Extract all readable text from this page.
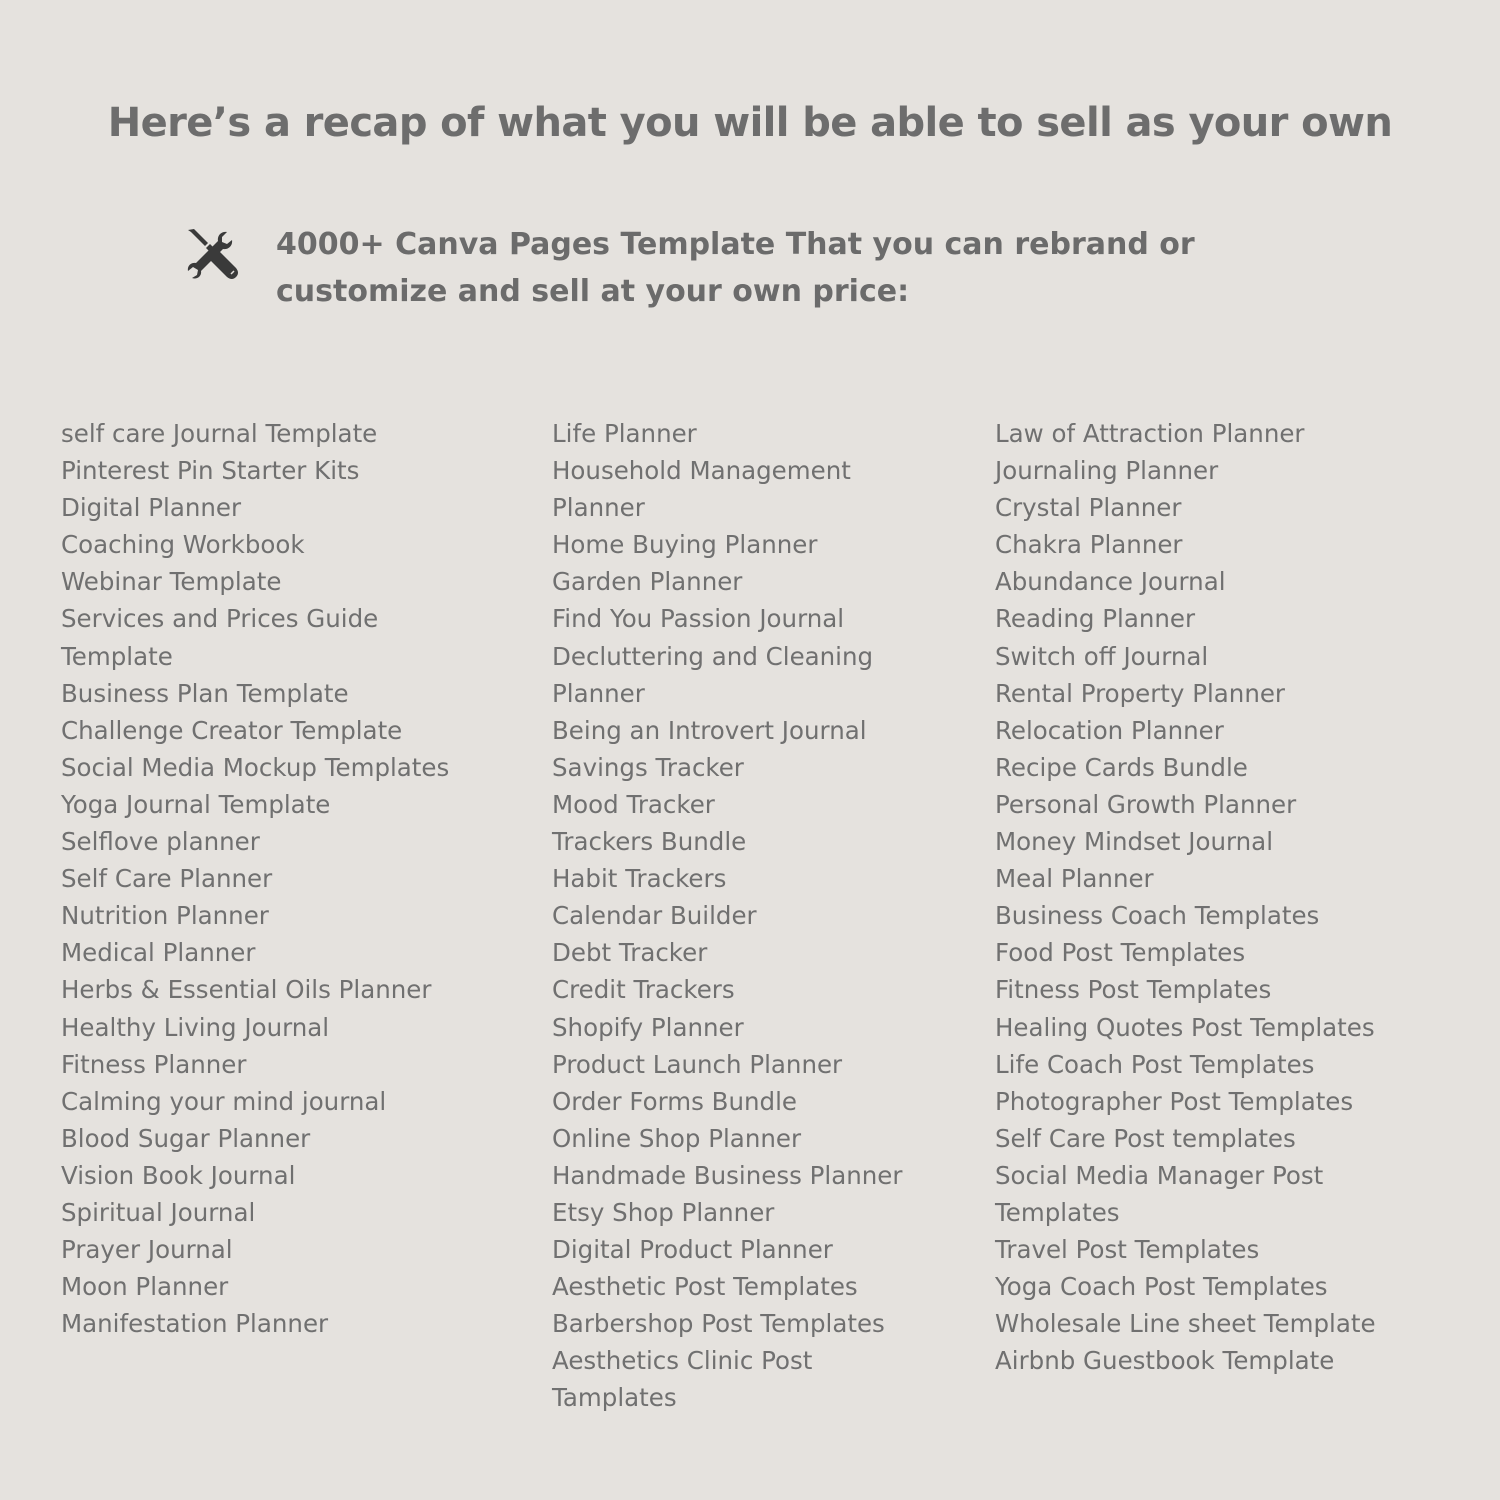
Here’s a recap of what you will be able to sell as your own
4000+ Canva Pages Template That you can rebrand or
customize and sell at your own price:
self care Journal Template
Pinterest Pin Starter Kits
Digital Planner
Coaching Workbook
Webinar Template
Services and Prices Guide
Template
Business Plan Template
Challenge Creator Template
Social Media Mockup Templates
Yoga Journal Template
Selflove planner
Self Care Planner
Nutrition Planner
Medical Planner
Herbs & Essential Oils Planner
Healthy Living Journal
Fitness Planner
Calming your mind journal
Blood Sugar Planner
Vision Book Journal
Spiritual Journal
Prayer Journal
Moon Planner
Manifestation Planner
Life Planner
Household Management
Planner
Home Buying Planner
Garden Planner
Find You Passion Journal
Decluttering and Cleaning
Planner
Being an Introvert Journal
Savings Tracker
Mood Tracker
Trackers Bundle
Habit Trackers
Calendar Builder
Debt Tracker
Credit Trackers
Shopify Planner
Product Launch Planner
Order Forms Bundle
Online Shop Planner
Handmade Business Planner
Etsy Shop Planner
Digital Product Planner
Aesthetic Post Templates
Barbershop Post Templates
Aesthetics Clinic Post
Tamplates
Law of Attraction Planner
Journaling Planner
Crystal Planner
Chakra Planner
Abundance Journal
Reading Planner
Switch off Journal
Rental Property Planner
Relocation Planner
Recipe Cards Bundle
Personal Growth Planner
Money Mindset Journal
Meal Planner
Business Coach Templates
Food Post Templates
Fitness Post Templates
Healing Quotes Post Templates
Life Coach Post Templates
Photographer Post Templates
Self Care Post templates
Social Media Manager Post
Templates
Travel Post Templates
Yoga Coach Post Templates
Wholesale Line sheet Template
Airbnb Guestbook Template
